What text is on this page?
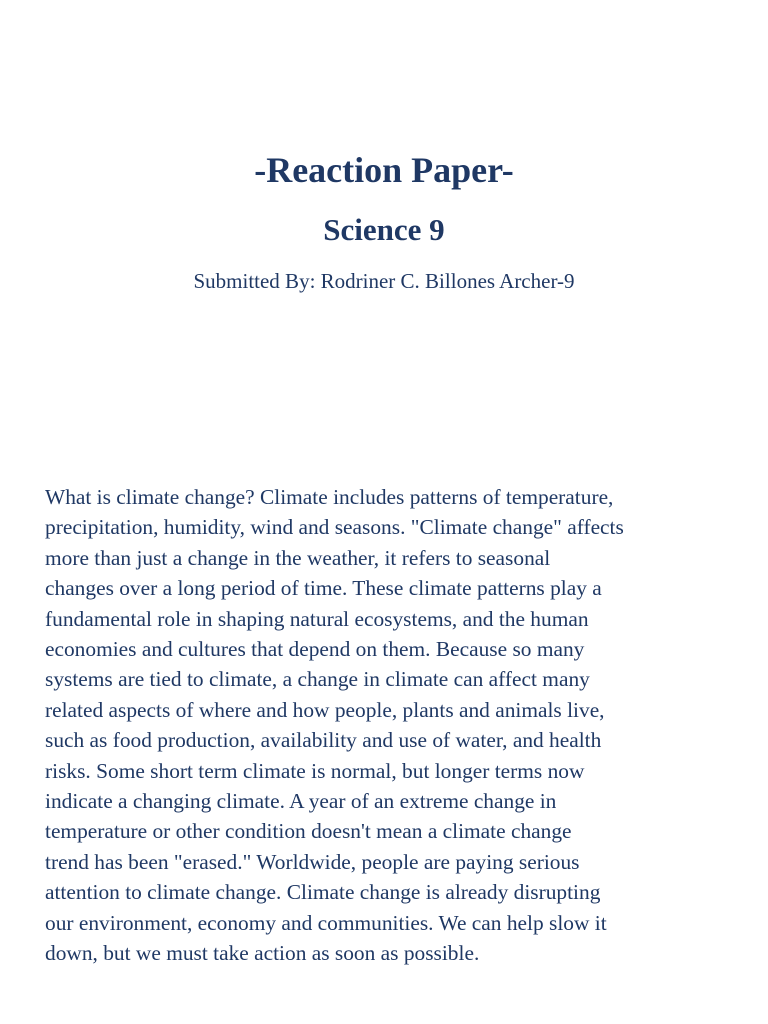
-Reaction Paper-
Science 9

Submitted By: Rodriner C. Billones Archer-9

What is climate change? Climate includes patterns of temperature,
precipitation, humidity, wind and seasons. "Climate change" affects
more than just a change in the weather, it refers to seasonal
changes over a long period of time. These climate patterns play a
fundamental role in shaping natural ecosystems, and the human
economies and cultures that depend on them. Because so many
systems are tied to climate, a change in climate can affect many
related aspects of where and how people, plants and animals live,
such as food production, availability and use of water, and health
risks. Some short term climate is normal, but longer terms now
indicate a changing climate. A year of an extreme change in
temperature or other condition doesn't mean a climate change
trend has been "erased." Worldwide, people are paying serious
attention to climate change. Climate change is already disrupting
our environment, economy and communities. We can help slow it
down, but we must take action as soon as possible.
